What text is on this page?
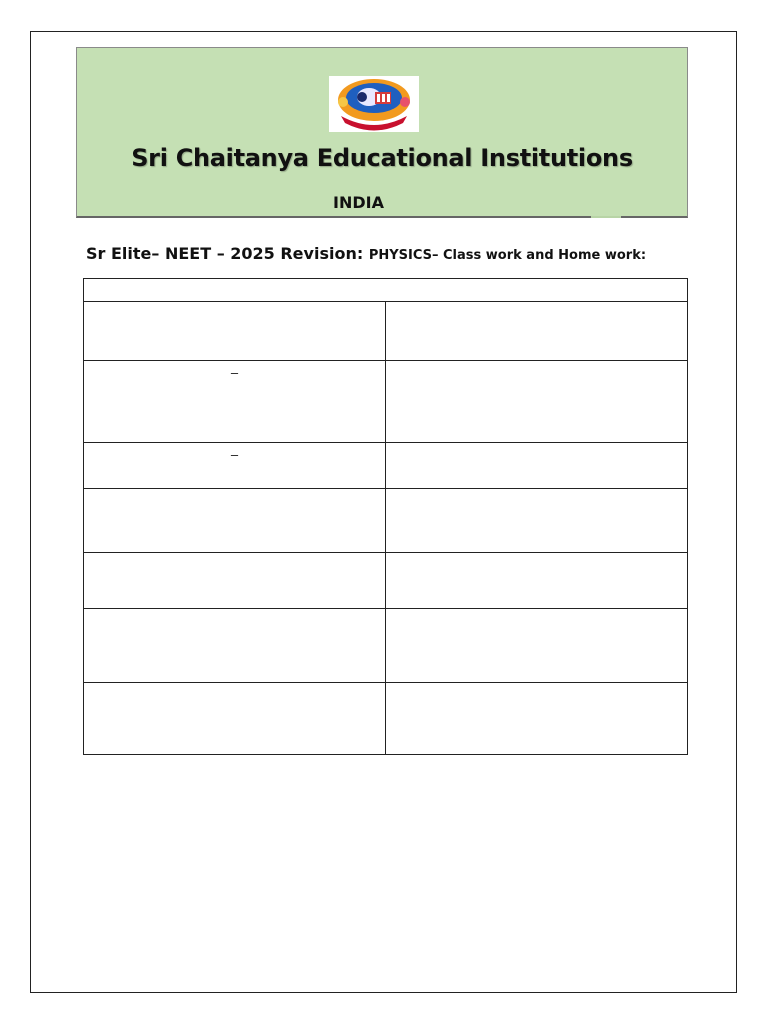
Sri Chaitanya Educational Institutions
INDIA
Sr Elite– NEET – 2025 Revision: PHYSICS– Class work and Home work:

–	
–	
